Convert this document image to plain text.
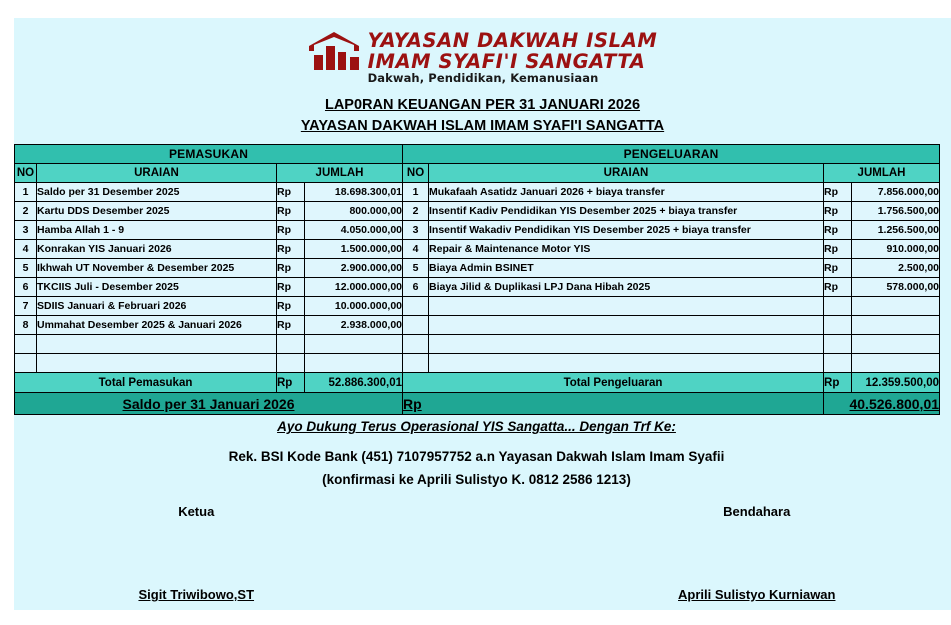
YAYASAN DAKWAH ISLAM
IMAM SYAFI'I SANGATTA
Dakwah, Pendidikan, Kemanusiaan
LAP0RAN KEUANGAN PER 31 JANUARI 2026
YAYASAN DAKWAH ISLAM IMAM SYAFI'I SANGATTA
PEMASUKAN				PENGELUARAN			
NO	URAIAN	JUMLAH		NO	URAIAN	JUMLAH	
1	Saldo per 31 Desember 2025	Rp	18.698.300,01	1	Mukafaah Asatidz Januari 2026 + biaya transfer	Rp	7.856.000,00
2	Kartu DDS Desember 2025	Rp	800.000,00	2	Insentif Kadiv Pendidikan YIS Desember 2025 + biaya transfer	Rp	1.756.500,00
3	Hamba Allah 1 - 9	Rp	4.050.000,00	3	Insentif Wakadiv Pendidikan YIS Desember 2025 + biaya transfer	Rp	1.256.500,00
4	Konrakan YIS Januari 2026	Rp	1.500.000,00	4	Repair & Maintenance Motor YIS	Rp	910.000,00
5	Ikhwah UT November & Desember 2025	Rp	2.900.000,00	5	Biaya Admin BSINET	Rp	2.500,00
6	TKCIIS Juli - Desember 2025	Rp	12.000.000,00	6	Biaya Jilid & Duplikasi LPJ Dana Hibah 2025	Rp	578.000,00
7	SDIIS Januari & Februari 2026	Rp	10.000.000,00				
8	Ummahat Desember 2025 & Januari 2026	Rp	2.938.000,00				

Total Pemasukan		Rp	52.886.300,01	Total Pengeluaran		Rp	12.359.500,00
Saldo per 31 Januari 2026				Rp		40.526.800,01	
Ayo Dukung Terus Operasional YIS Sangatta... Dengan Trf Ke:
Rek. BSI Kode Bank (451) 7107957752 a.n Yayasan Dakwah Islam Imam Syafii
(konfirmasi ke Aprili Sulistyo K. 0812 2586 1213)
Ketua
Sigit Triwibowo,ST
Bendahara
Aprili Sulistyo Kurniawan
